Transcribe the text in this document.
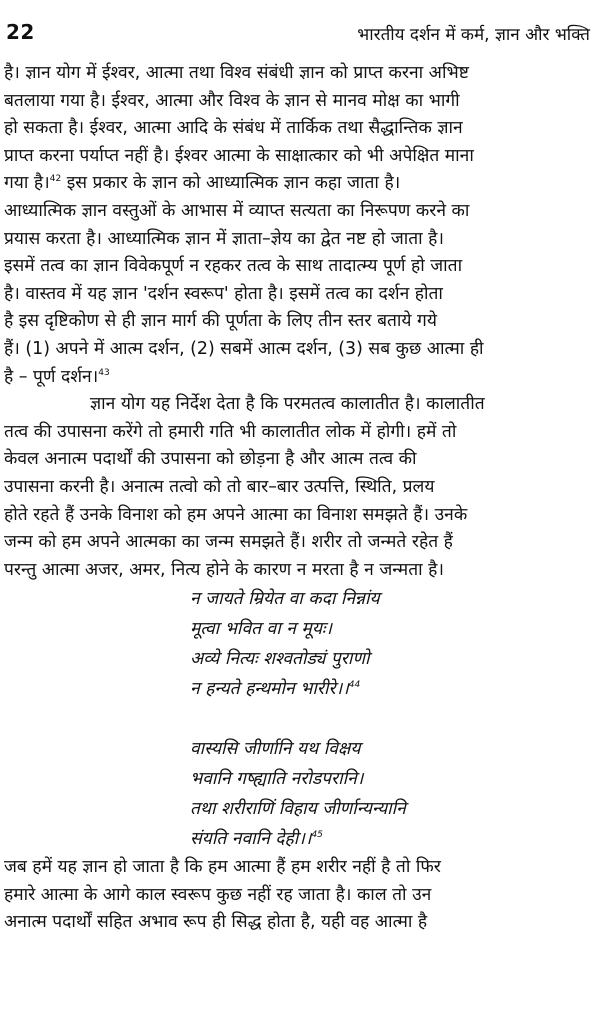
22	भारतीय दर्शन में कर्म, ज्ञान और भक्ति
है। ज्ञान योग में ईश्वर, आत्मा तथा विश्व संबंधी ज्ञान को प्राप्त करना अभिष्ट
बतलाया गया है। ईश्वर, आत्मा और विश्व के ज्ञान से मानव मोक्ष का भागी
हो सकता है। ईश्वर, आत्मा आदि के संबंध में तार्किक तथा सैद्धान्तिक ज्ञान
प्राप्त करना पर्याप्त नहीं है। ईश्वर आत्मा के साक्षात्कार को भी अपेक्षित माना
गया है।$^{42}$ इस प्रकार के ज्ञान को आध्यात्मिक ज्ञान कहा जाता है।
आध्यात्मिक ज्ञान वस्तुओं के आभास में व्याप्त सत्यता का निरूपण करने का
प्रयास करता है। आध्यात्मिक ज्ञान में ज्ञाता–ज्ञेय का द्वेत नष्ट हो जाता है।
इसमें तत्व का ज्ञान विवेकपूर्ण न रहकर तत्व के साथ तादात्म्य पूर्ण हो जाता
है। वास्तव में यह ज्ञान 'दर्शन स्वरूप' होता है। इसमें तत्व का दर्शन होता
है इस दृष्टिकोण से ही ज्ञान मार्ग की पूर्णता के लिए तीन स्तर बताये गये
हैं। (1) अपने में आत्म दर्शन, (2) सबमें आत्म दर्शन, (3) सब कुछ आत्मा ही
है – पूर्ण दर्शन।$^{43}$
ज्ञान योग यह निर्देश देता है कि परमतत्व कालातीत है। कालातीत
तत्व की उपासना करेंगे तो हमारी गति भी कालातीत लोक में होगी। हमें तो
केवल अनात्म पदार्थों की उपासना को छोड़ना है और आत्म तत्व की
उपासना करनी है। अनात्म तत्वो को तो बार–बार उत्पत्ति, स्थिति, प्रलय
होते रहते हैं उनके विनाश को हम अपने आत्मा का विनाश समझते हैं। उनके
जन्म को हम अपने आत्मका का जन्म समझते हैं। शरीर तो जन्मते रहेत हैं
परन्तु आत्मा अजर, अमर, नित्य होने के कारण न मरता है न जन्मता है।
न जायते म्रियेत वा कदा निन्नांय
मूत्वा भवित वा न मूयः।
अव्ये नित्यः शश्वतोड्यं पुराणो
न हन्यते हन्थमोन भारीरे।।$^{44}$
वास्यसि जीर्णानि यथ विक्षय
भवानि गष्ह्याति नरोडपरानि।
तथा शरीराणिं विहाय जीर्णान्यन्यानि
संयति नवानि देही।।$^{45}$
जब हमें यह ज्ञान हो जाता है कि हम आत्मा हैं हम शरीर नहीं है तो फिर
हमारे आत्मा के आगे काल स्वरूप कुछ नहीं रह जाता है। काल तो उन
अनात्म पदार्थों सहित अभाव रूप ही सिद्ध होता है, यही वह आत्मा है
